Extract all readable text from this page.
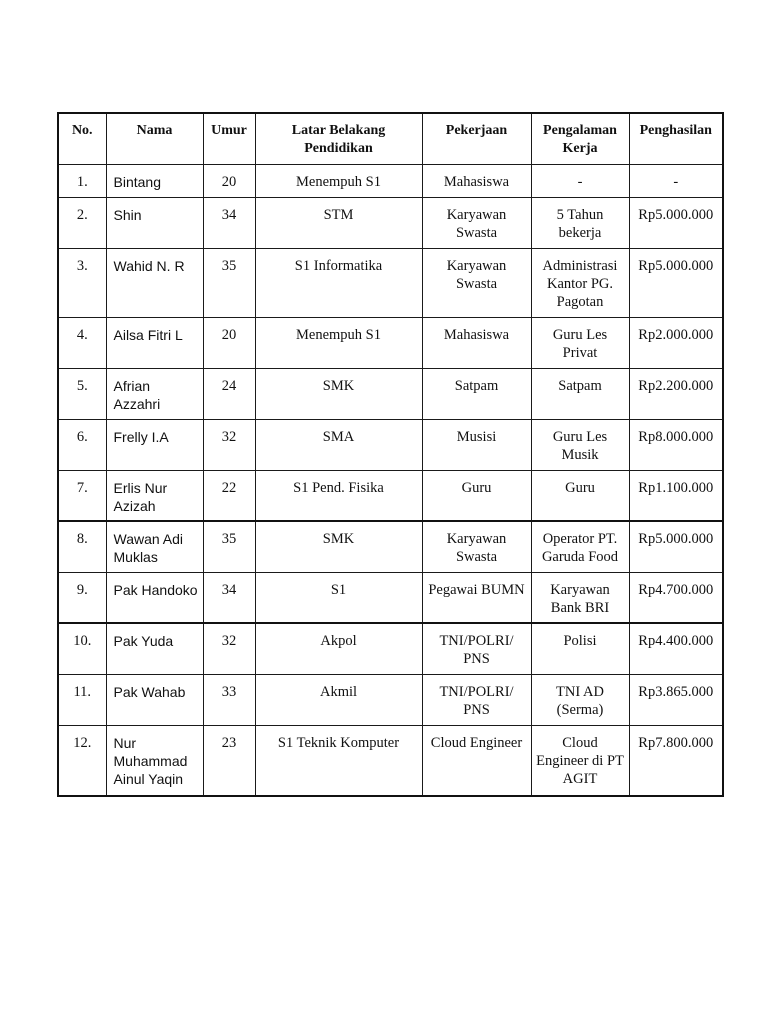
No.	Nama	Umur	Latar Belakang Pendidikan	Pekerjaan	Pengalaman Kerja	Penghasilan
1.	Bintang	20	Menempuh S1	Mahasiswa	-	-
2.	Shin	34	STM	Karyawan Swasta	5 Tahun bekerja	Rp5.000.000
3.	Wahid N. R	35	S1 Informatika	Karyawan Swasta	Administrasi Kantor PG. Pagotan	Rp5.000.000
4.	Ailsa Fitri L	20	Menempuh S1	Mahasiswa	Guru Les Privat	Rp2.000.000
5.	Afrian Azzahri	24	SMK	Satpam	Satpam	Rp2.200.000
6.	Frelly I.A	32	SMA	Musisi	Guru Les Musik	Rp8.000.000
7.	Erlis Nur Azizah	22	S1 Pend. Fisika	Guru	Guru	Rp1.100.000
8.	Wawan Adi Muklas	35	SMK	Karyawan Swasta	Operator PT. Garuda Food	Rp5.000.000
9.	Pak Handoko	34	S1	Pegawai BUMN	Karyawan Bank BRI	Rp4.700.000
10.	Pak Yuda	32	Akpol	TNI/POLRI/ PNS	Polisi	Rp4.400.000
11.	Pak Wahab	33	Akmil	TNI/POLRI/ PNS	TNI AD (Serma)	Rp3.865.000
12.	Nur Muhammad Ainul Yaqin	23	S1 Teknik Komputer	Cloud Engineer	Cloud Engineer di PT AGIT	Rp7.800.000
